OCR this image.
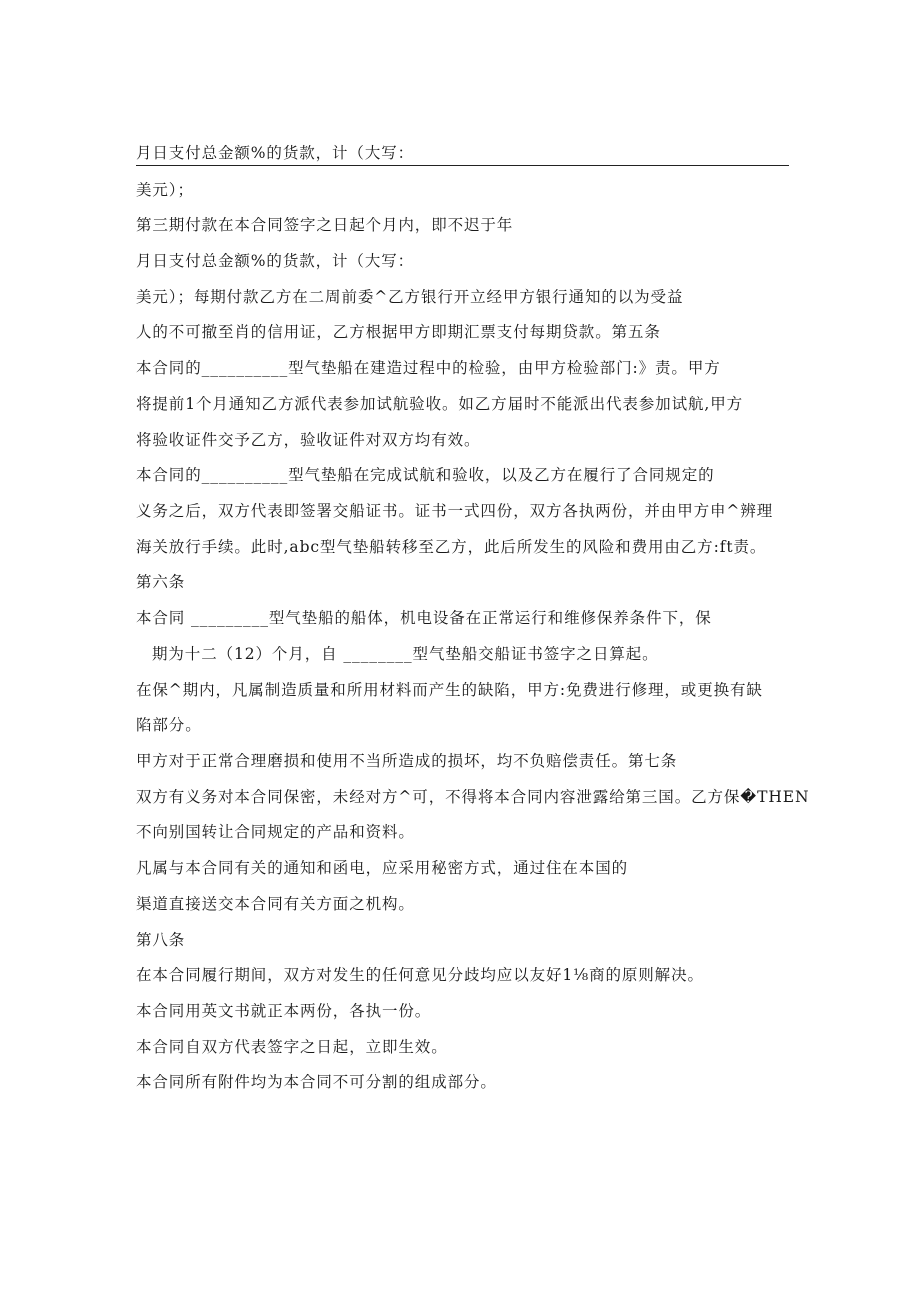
月日支付总金额%的货款，计（大写：
美元）；
第三期付款在本合同签字之日起个月内，即不迟于年
月日支付总金额%的货款，计（大写：
美元）；每期付款乙方在二周前委^乙方银行开立经甲方银行通知的以为受益
人的不可撤至肖的信用证，乙方根据甲方即期汇票支付每期贷款。第五条
本合同的__________型气垫船在建造过程中的检验，由甲方检验部门:》责。甲方
将提前1个月通知乙方派代表参加试航验收。如乙方届时不能派出代表参加试航,甲方
将验收证件交予乙方，验收证件对双方均有效。
本合同的__________型气垫船在完成试航和验收，以及乙方在履行了合同规定的
义务之后，双方代表即签署交船证书。证书一式四份，双方各执两份，并由甲方申^辨理
海关放行手续。此时,abc型气垫船转移至乙方，此后所发生的风险和费用由乙方:ft责。
第六条
本合同 _________型气垫船的船体，机电设备在正常运行和维修保养条件下，保
期为十二（12）个月，自 ________型气垫船交船证书签字之日算起。
在保^期内，凡属制造质量和所用材料而产生的缺陷，甲方:免费进行修理，或更换有缺
陷部分。
甲方对于正常合理磨损和使用不当所造成的损坏，均不负赔偿责任。第七条
双方有义务对本合同保密，未经对方^可，不得将本合同内容泄露给第三国。乙方保�THEN
不向别国转让合同规定的产品和资料。
凡属与本合同有关的通知和函电，应采用秘密方式，通过住在本国的
渠道直接送交本合同有关方面之机构。
第八条
在本合同履行期间，双方对发生的任何意见分歧均应以友好1⅛商的原则解决。
本合同用英文书就正本两份，各执一份。
本合同自双方代表签字之日起，立即生效。
本合同所有附件均为本合同不可分割的组成部分。
